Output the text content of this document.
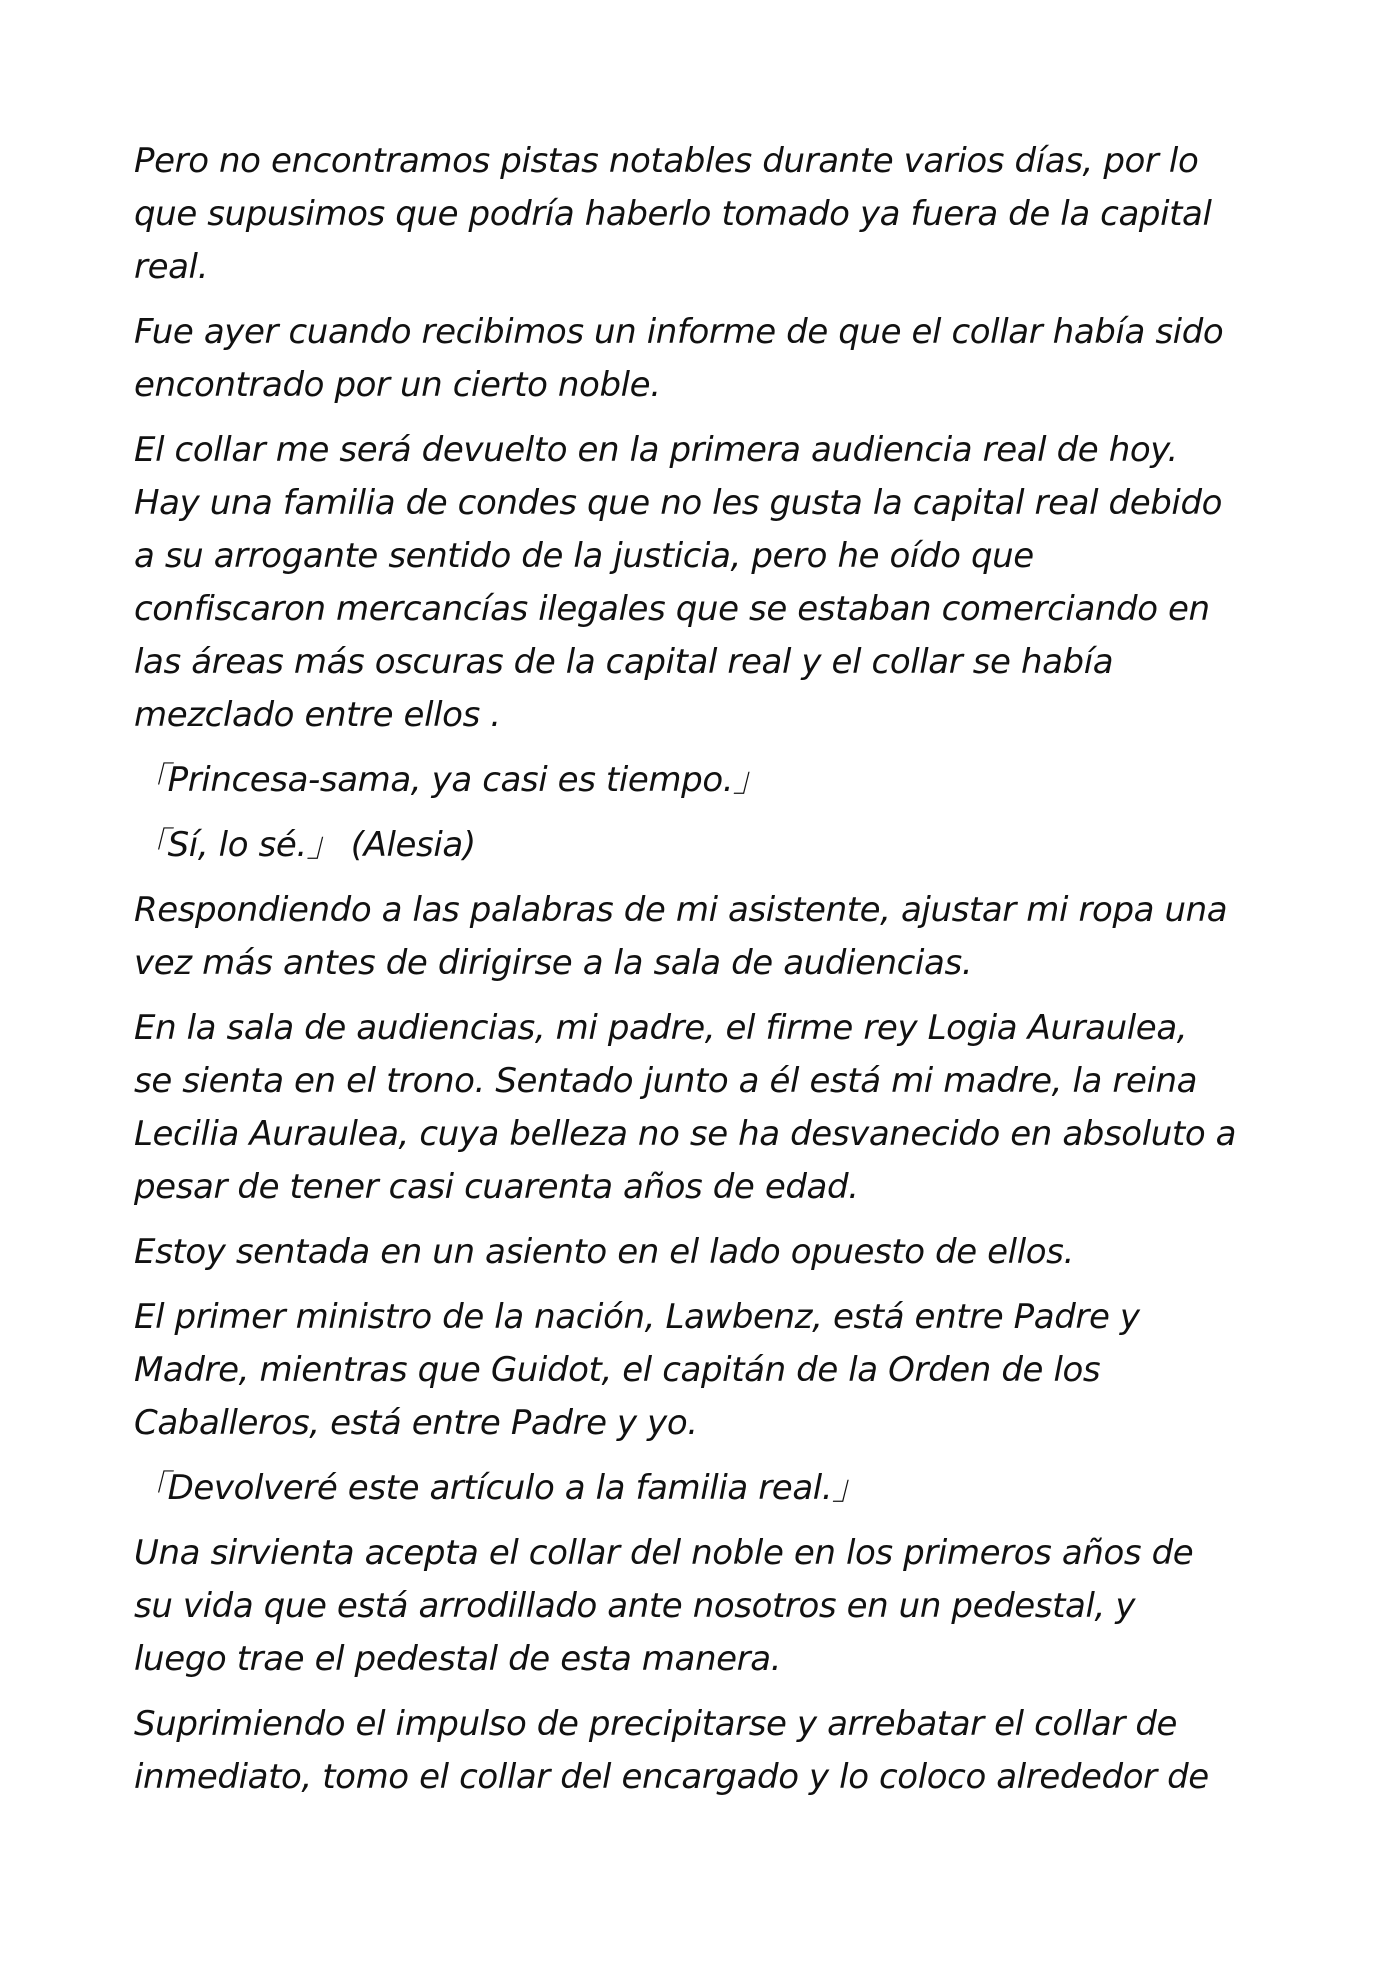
Pero no encontramos pistas notables durante varios días, por lo
que supusimos que podría haberlo tomado ya fuera de la capital
real.

Fue ayer cuando recibimos un informe de que el collar había sido
encontrado por un cierto noble.

El collar me será devuelto en la primera audiencia real de hoy.
Hay una familia de condes que no les gusta la capital real debido
a su arrogante sentido de la justicia, pero he oído que
confiscaron mercancías ilegales que se estaban comerciando en
las áreas más oscuras de la capital real y el collar se había
mezclado entre ellos .

「Princesa-sama, ya casi es tiempo.」

「Sí, lo sé.」 (Alesia)

Respondiendo a las palabras de mi asistente, ajustar mi ropa una
vez más antes de dirigirse a la sala de audiencias.

En la sala de audiencias, mi padre, el firme rey Logia Auraulea,
se sienta en el trono. Sentado junto a él está mi madre, la reina
Lecilia Auraulea, cuya belleza no se ha desvanecido en absoluto a
pesar de tener casi cuarenta años de edad.

Estoy sentada en un asiento en el lado opuesto de ellos.

El primer ministro de la nación, Lawbenz, está entre Padre y
Madre, mientras que Guidot, el capitán de la Orden de los
Caballeros, está entre Padre y yo.

「Devolveré este artículo a la familia real.」

Una sirvienta acepta el collar del noble en los primeros años de
su vida que está arrodillado ante nosotros en un pedestal, y
luego trae el pedestal de esta manera.

Suprimiendo el impulso de precipitarse y arrebatar el collar de
inmediato, tomo el collar del encargado y lo coloco alrededor de
